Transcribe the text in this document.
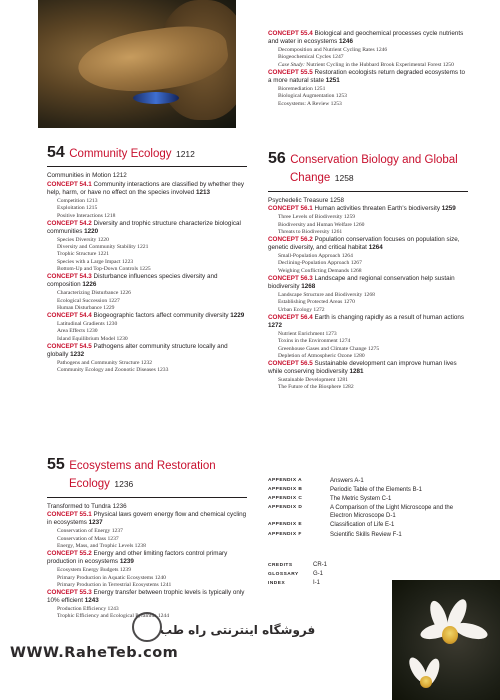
54 Community Ecology 1212
Communities in Motion 1212
CONCEPT 54.1 Community interactions are classified by whether they help, harm, or have no effect on the species involved 1213
Competition 1213
Exploitation 1215
Positive Interactions 1218
CONCEPT 54.2 Diversity and trophic structure characterize biological communities 1220
Species Diversity 1220
Diversity and Community Stability 1221
Trophic Structure 1221
Species with a Large Impact 1223
Bottom-Up and Top-Down Controls 1225
CONCEPT 54.3 Disturbance influences species diversity and composition 1226
Characterizing Disturbance 1226
Ecological Succession 1227
Human Disturbance 1229
CONCEPT 54.4 Biogeographic factors affect community diversity 1229
Latitudinal Gradients 1230
Area Effects 1230
Island Equilibrium Model 1230
CONCEPT 54.5 Pathogens alter community structure locally and globally 1232
Pathogens and Community Structure 1232
Community Ecology and Zoonotic Diseases 1233
55 Ecosystems and Restoration
Ecology 1236
Transformed to Tundra 1236
CONCEPT 55.1 Physical laws govern energy flow and chemical cycling in ecosystems 1237
Conservation of Energy 1237
Conservation of Mass 1237
Energy, Mass, and Trophic Levels 1238
CONCEPT 55.2 Energy and other limiting factors control primary production in ecosystems 1239
Ecosystem Energy Budgets 1239
Primary Production in Aquatic Ecosystems 1240
Primary Production in Terrestrial Ecosystems 1241
CONCEPT 55.3 Energy transfer between trophic levels is typically only 10% efficient 1243
Production Efficiency 1243
Trophic Efficiency and Ecological Pyramids 1244
CONCEPT 55.4 Biological and geochemical processes cycle nutrients and water in ecosystems 1246
Decomposition and Nutrient Cycling Rates 1246
Biogeochemical Cycles 1247
Case Study: Nutrient Cycling in the Hubbard Brook Experimental Forest 1250
CONCEPT 55.5 Restoration ecologists return degraded ecosystems to a more natural state 1251
Bioremediation 1251
Biological Augmentation 1253
Ecosystems: A Review 1253
56 Conservation Biology and Global
Change 1258
Psychedelic Treasure 1258
CONCEPT 56.1 Human activities threaten Earth's biodiversity 1259
Three Levels of Biodiversity 1259
Biodiversity and Human Welfare 1260
Threats to Biodiversity 1261
CONCEPT 56.2 Population conservation focuses on population size, genetic diversity, and critical habitat 1264
Small-Population Approach 1264
Declining-Population Approach 1267
Weighing Conflicting Demands 1268
CONCEPT 56.3 Landscape and regional conservation help sustain biodiversity 1268
Landscape Structure and Biodiversity 1268
Establishing Protected Areas 1270
Urban Ecology 1272
CONCEPT 56.4 Earth is changing rapidly as a result of human actions 1272
Nutrient Enrichment 1273
Toxins in the Environment 1274
Greenhouse Gases and Climate Change 1275
Depletion of Atmospheric Ozone 1280
CONCEPT 56.5 Sustainable development can improve human lives while conserving biodiversity 1281
Sustainable Development 1281
The Future of the Biosphere 1282
APPENDIX A	Answers A-1
APPENDIX B	Periodic Table of the Elements B-1
APPENDIX C	The Metric System C-1
APPENDIX D	A Comparison of the Light Microscope and the Electron Microscope D-1
APPENDIX E	Classification of Life E-1
APPENDIX F	Scientific Skills Review F-1
CREDITS	CR-1
GLOSSARY	G-1
INDEX	I-1
فروشگاه اینترنتی راه طب
WWW.RaheTeb.com
